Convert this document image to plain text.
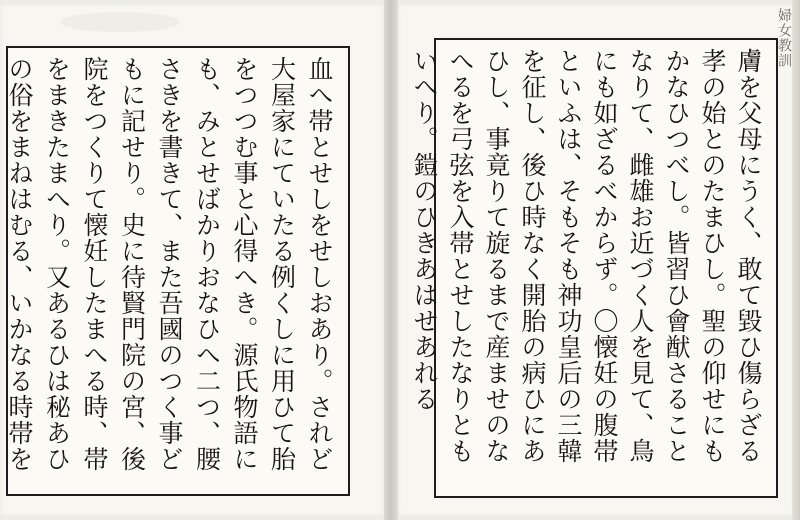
血へ帯とせしをせしおあり。されど大屋家にていたる例くしに用ひて胎をつつむ事と心得へき。源氏物語にも、みとせばかりおなひへ二つ、腰さきを書きて、また吾國のつく事どもに記せり。史に待賢門院の宮、後院をつくりて懐妊したまへる時、帯をまきたまへり。又あるひは秘あひの俗をまねはむる、いかなる時帯を	膚を父母にうく、敢て毀ひ傷らざる孝の始とのたまひし。聖の仰せにもかなひつべし。皆習ひ會猷さることなりて、雌雄お近づく人を見て、鳥にも如ざるべからず。〇懐妊の腹帯といふは、そもそも神功皇后の三韓を征し、後ひ時なく開胎の病ひにあひし、事竟りて旋るまで産ませのなへるを弓弦を入帯とせしたなりともいへり。鎧のひきあはせあれる
婦女教訓
